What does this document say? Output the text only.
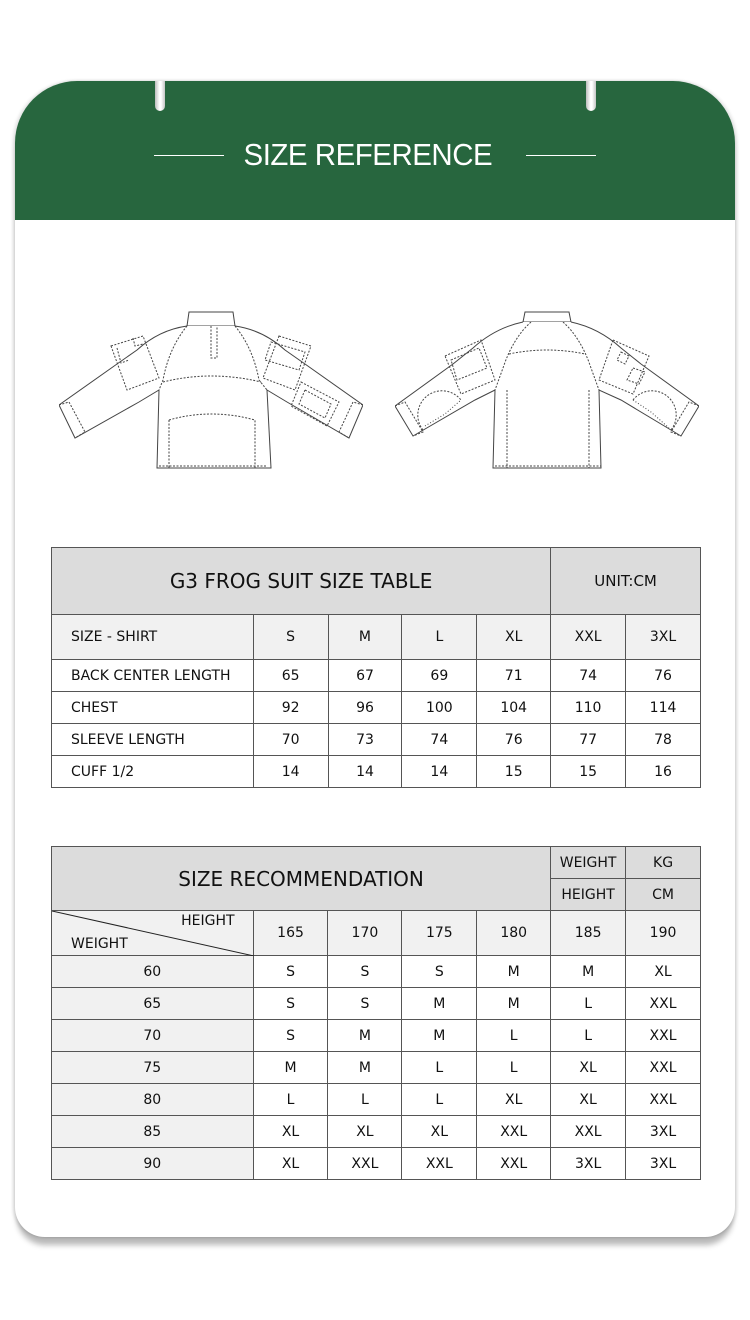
SIZE REFERENCE
G3 FROG SUIT SIZE TABLE					UNIT:CM	
SIZE - SHIRT	S	M	L	XL	XXL	3XL
BACK CENTER LENGTH	65	67	69	71	74	76
CHEST	92	96	100	104	110	114
SLEEVE LENGTH	70	73	74	76	77	78
CUFF 1/2	14	14	14	15	15	16
SIZE RECOMMENDATION					WEIGHT	KG
					HEIGHT	CM

HEIGHT
WEIGHT	165	170	175	180	185	190
60	S	S	S	M	M	XL
65	S	S	M	M	L	XXL
70	S	M	M	L	L	XXL
75	M	M	L	L	XL	XXL
80	L	L	L	XL	XL	XXL
85	XL	XL	XL	XXL	XXL	3XL
90	XL	XXL	XXL	XXL	3XL	3XL
